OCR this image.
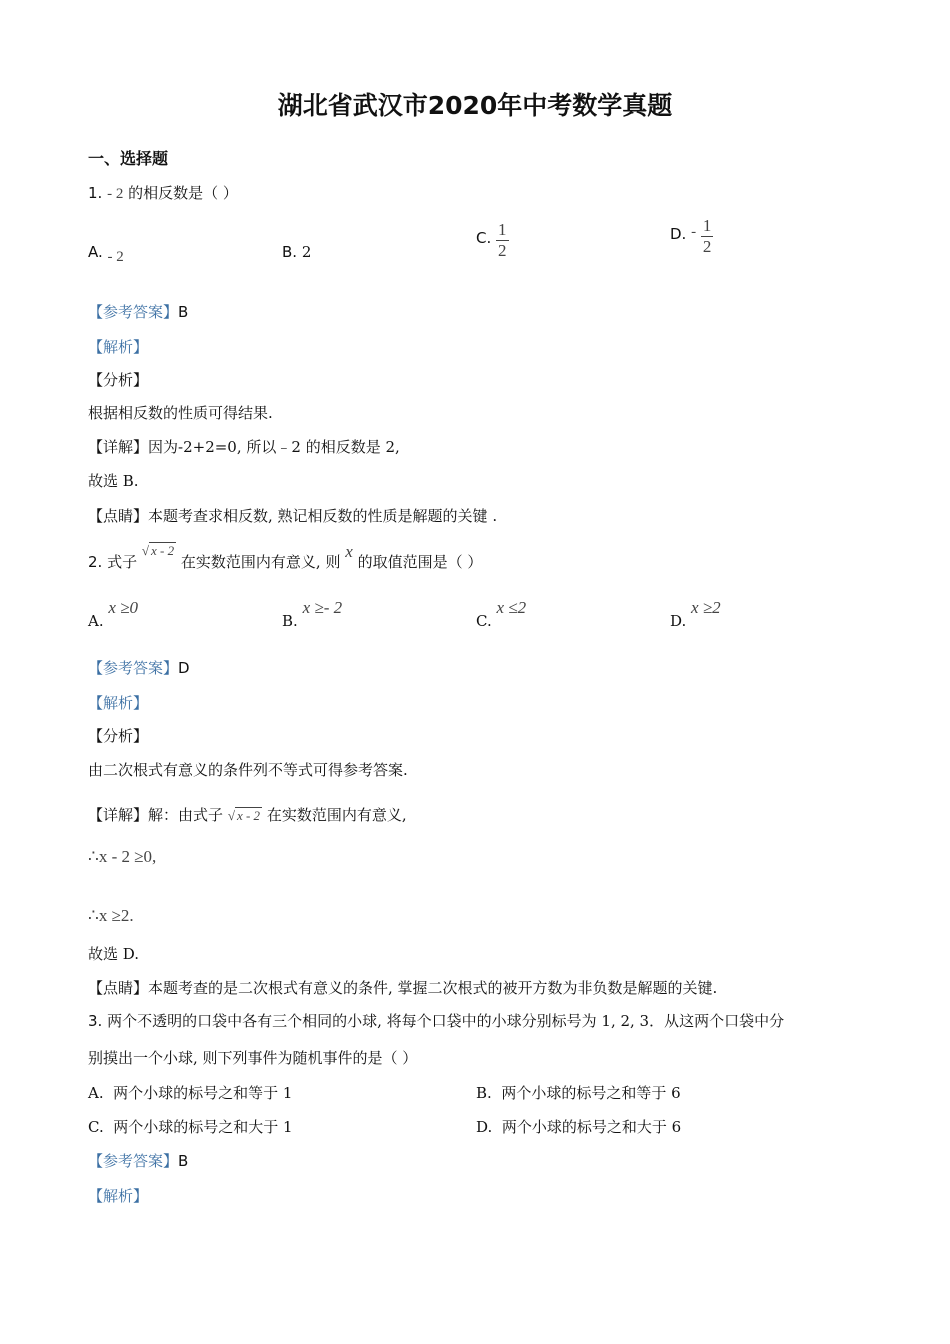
湖北省武汉市2020年中考数学真题
一、选择题
1. - 2 的相反数是（ ）
A. - 2	B. 2
C. $\frac{1}{2}$	D. - $\frac{1}{2}$
【参考答案】B
【解析】
【分析】
根据相反数的性质可得结果.
【详解】因为-2+2=0, 所以﹣2 的相反数是 2,
故选 B.
【点睛】本题考查求相反数, 熟记相反数的性质是解题的关键 .
2. 式子 √ x - 2 在实数范围内有意义, 则 x 的取值范围是（ ）
A. x ≥0
B. x ≥- 2
C. x ≤2
D. x ≥2
【参考答案】D
【解析】
【分析】
由二次根式有意义的条件列不等式可得参考答案.
【详解】解：由式子 √ x - 2 在实数范围内有意义,
∴x - 2 ≥0,
∴x ≥2.
故选 D.
【点睛】本题考查的是二次根式有意义的条件, 掌握二次根式的被开方数为非负数是解题的关键.
3. 两个不透明的口袋中各有三个相同的小球, 将每个口袋中的小球分别标号为 1, 2, 3．从这两个口袋中分
别摸出一个小球, 则下列事件为随机事件的是（ ）
A. 两个小球的标号之和等于 1	B. 两个小球的标号之和等于 6
C. 两个小球的标号之和大于 1	D. 两个小球的标号之和大于 6
【参考答案】B
【解析】
